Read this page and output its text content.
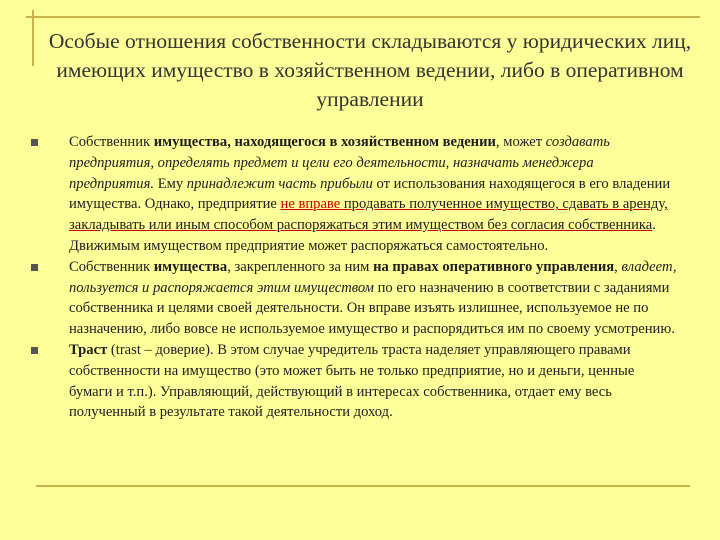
Особые отношения собственности складываются у юридических лиц, имеющих имущество в хозяйственном ведении, либо в оперативном управлении
Собственник имущества, находящегося в хозяйственном ведении, может создавать предприятия, определять предмет и цели его деятельности, назначать менеджера предприятия. Ему принадлежит часть прибыли от использования находящегося в его владении имущества. Однако, предприятие не вправе продавать полученное имущество, сдавать в аренду, закладывать или иным способом распоряжаться этим имуществом без согласия собственника. Движимым имуществом предприятие может распоряжаться самостоятельно.
Собственник имущества, закрепленного за ним на правах оперативного управления, владеет, пользуется и распоряжается этим имуществом по его назначению в соответствии с заданиями собственника и целями своей деятельности. Он вправе изъять излишнее, используемое не по назначению, либо вовсе не используемое имущество и распорядиться им по своему усмотрению.
Траст (trast – доверие). В этом случае учредитель траста наделяет управляющего правами собственности на имущество (это может быть не только предприятие, но и деньги, ценные бумаги и т.п.). Управляющий, действующий в интересах собственника, отдает ему весь полученный в результате такой деятельности доход.
